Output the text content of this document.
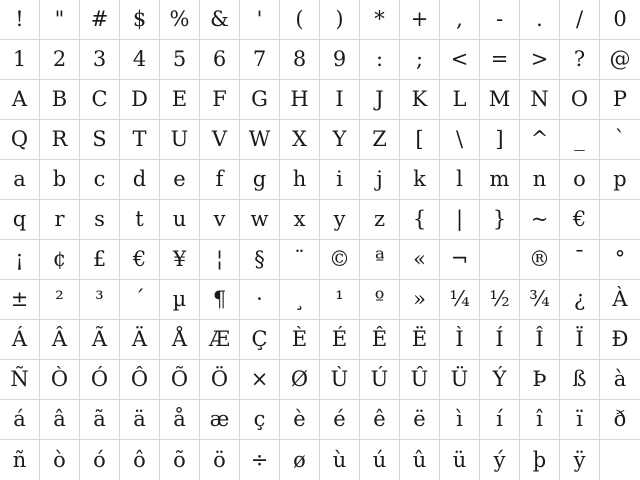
! " # $ % & ' ( ) * + , - . / 0
1 2 3 4 5 6 7 8 9 : ; < = > ? @
A B C D E F G H I J K L M N O P
Q R S T U V W X Y Z [ \ ] ^ _ `
a b c d e f g h i j k l m n o p
q r s t u v w x y z { | } ~ €
¡ ¢ £ € ¥ ¦ § ¨ © ª « ¬	® ¯ °
± ² ³ ´ µ ¶ · ¸ ¹ º » ¼ ½ ¾ ¿ À
Á Â Ã Ä Å Æ Ç È É Ê Ë Ì Í Î Ï Ð
Ñ Ò Ó Ô Õ Ö × Ø Ù Ú Û Ü Ý Þ ß à
á â ã ä å æ ç è é ê ë ì í î ï ð
ñ ò ó ô õ ö ÷ ø ù ú û ü ý þ ÿ
